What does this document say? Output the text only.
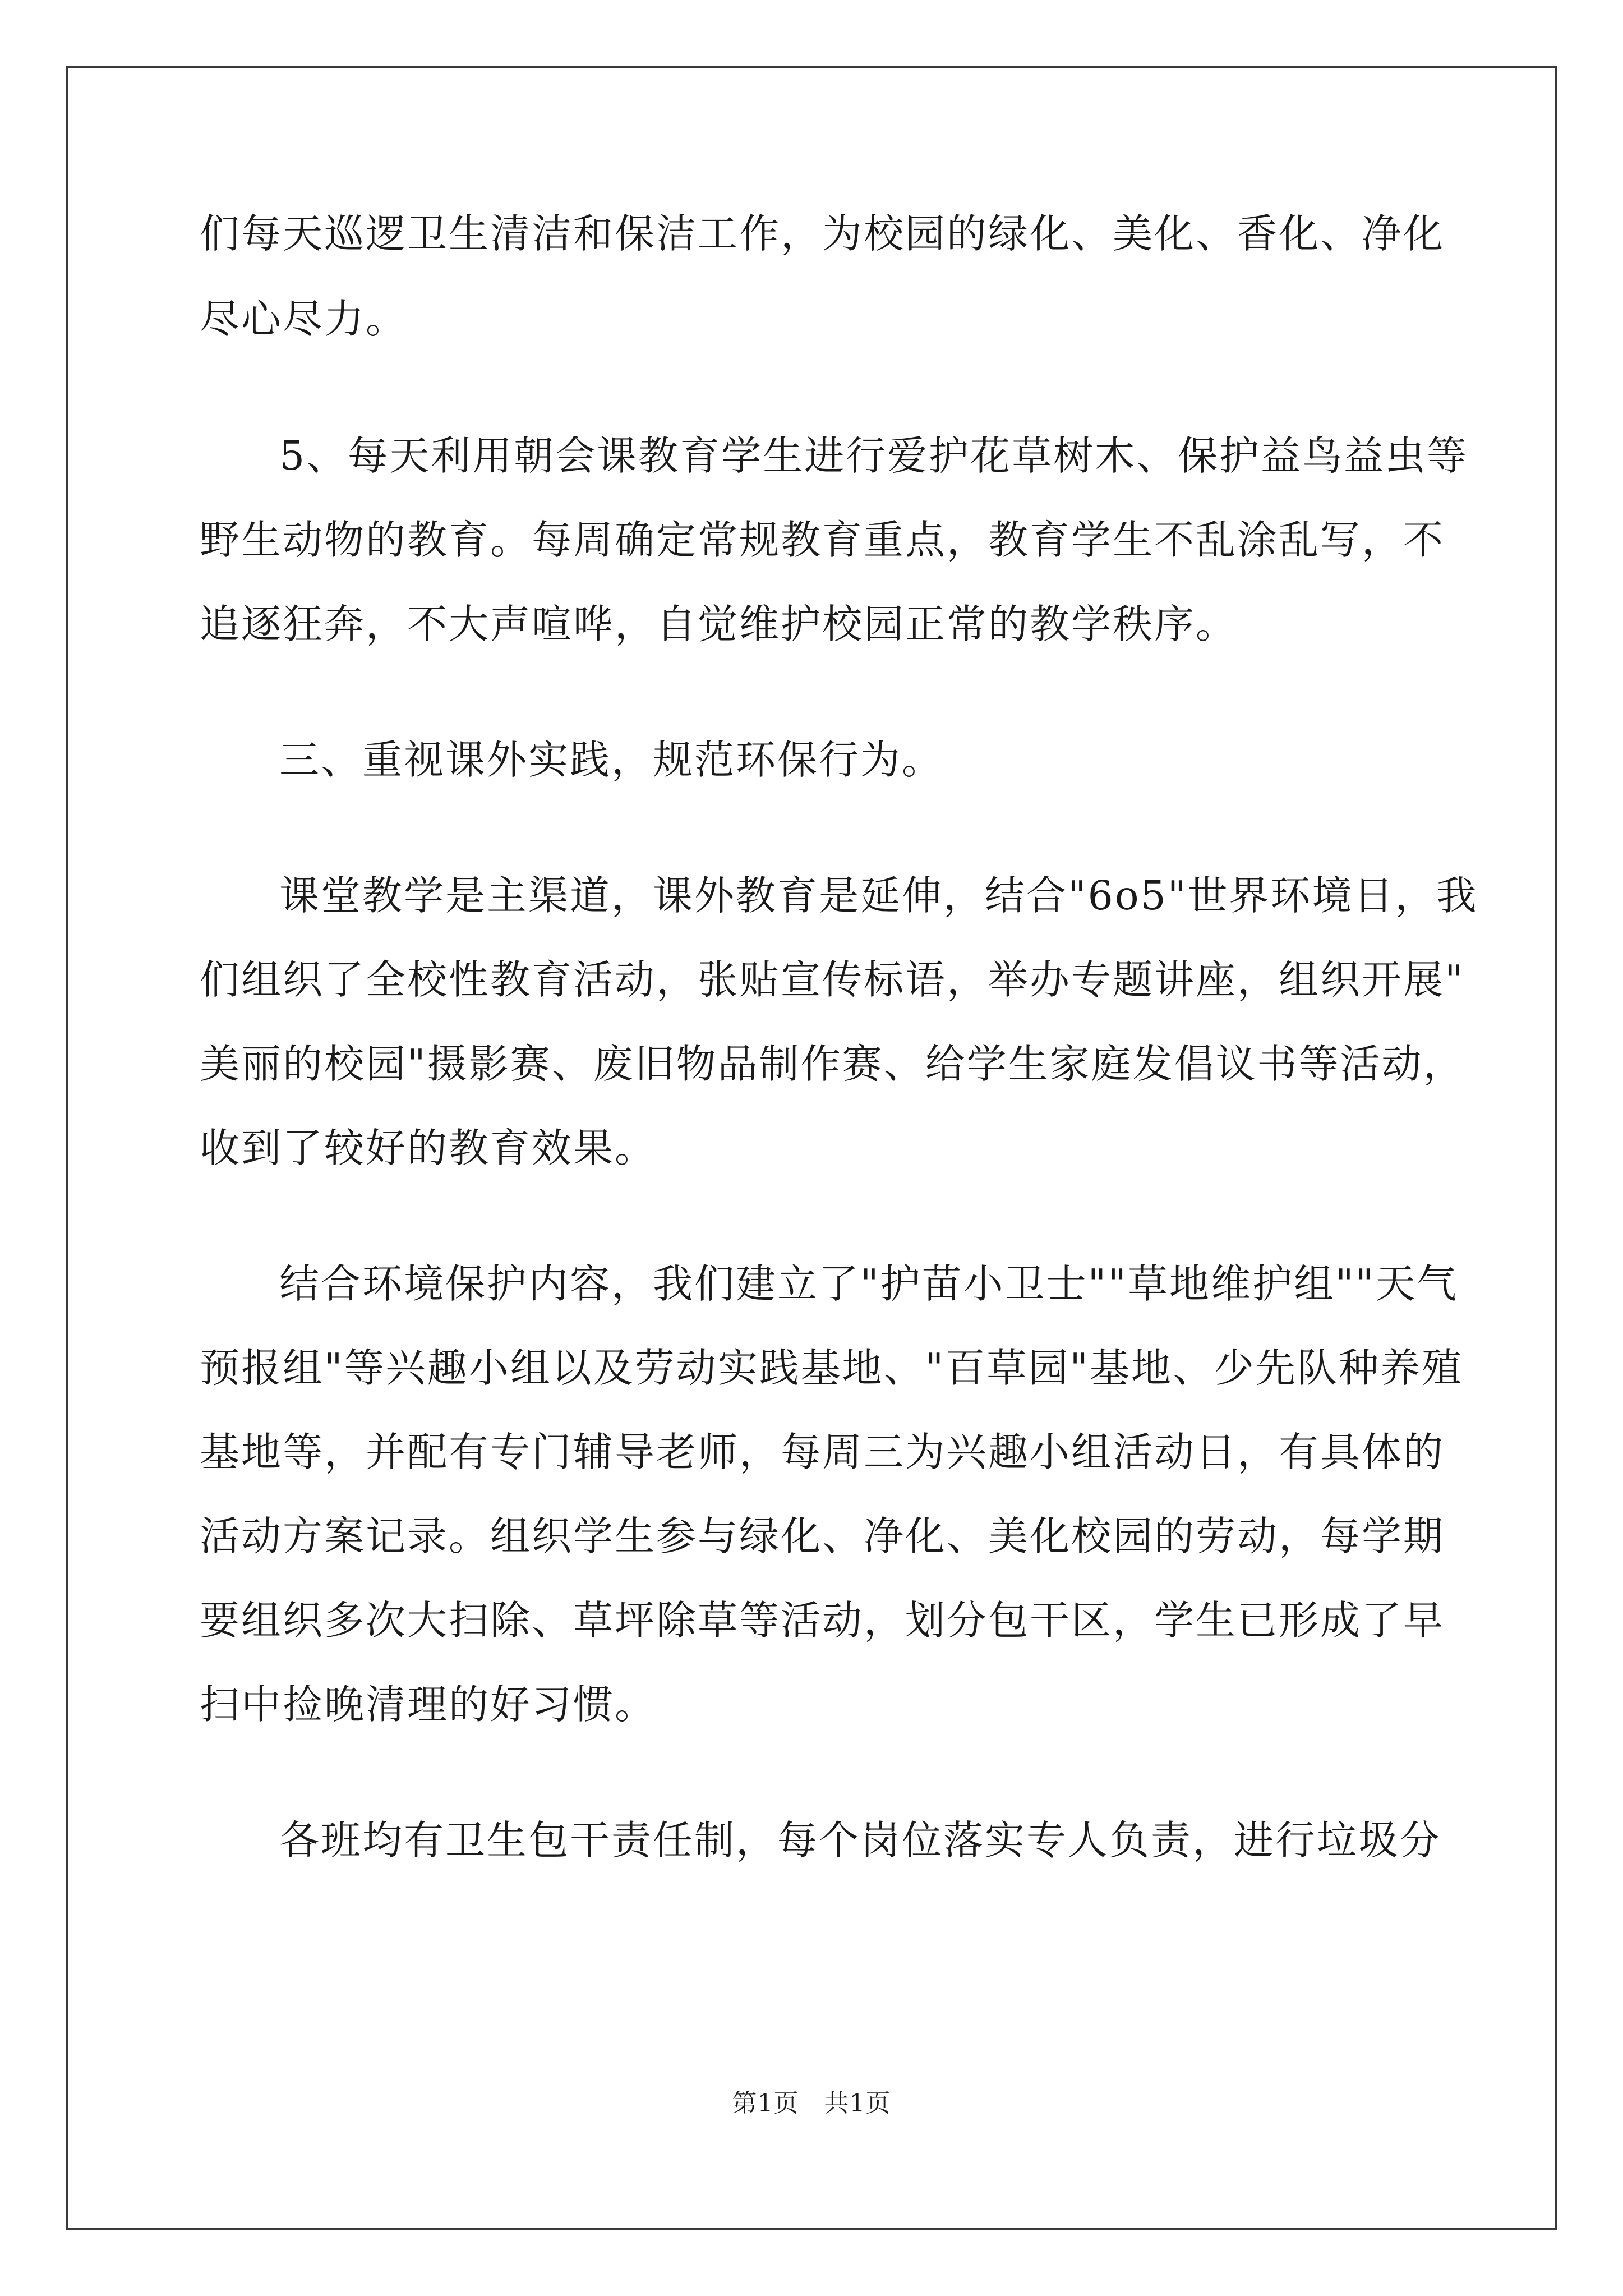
们每天巡逻卫生清洁和保洁工作，为校园的绿化、美化、香化、净化
尽心尽力。
5、每天利用朝会课教育学生进行爱护花草树木、保护益鸟益虫等
野生动物的教育。每周确定常规教育重点，教育学生不乱涂乱写，不
追逐狂奔，不大声喧哗，自觉维护校园正常的教学秩序。
三、重视课外实践，规范环保行为。
课堂教学是主渠道，课外教育是延伸，结合"6o5"世界环境日，我
们组织了全校性教育活动，张贴宣传标语，举办专题讲座，组织开展"
美丽的校园"摄影赛、废旧物品制作赛、给学生家庭发倡议书等活动，
收到了较好的教育效果。
结合环境保护内容，我们建立了"护苗小卫士""草地维护组""天气
预报组"等兴趣小组以及劳动实践基地、"百草园"基地、少先队种养殖
基地等，并配有专门辅导老师，每周三为兴趣小组活动日，有具体的
活动方案记录。组织学生参与绿化、净化、美化校园的劳动，每学期
要组织多次大扫除、草坪除草等活动，划分包干区，学生已形成了早
扫中捡晚清理的好习惯。
各班均有卫生包干责任制，每个岗位落实专人负责，进行垃圾分
第1页   共1页
